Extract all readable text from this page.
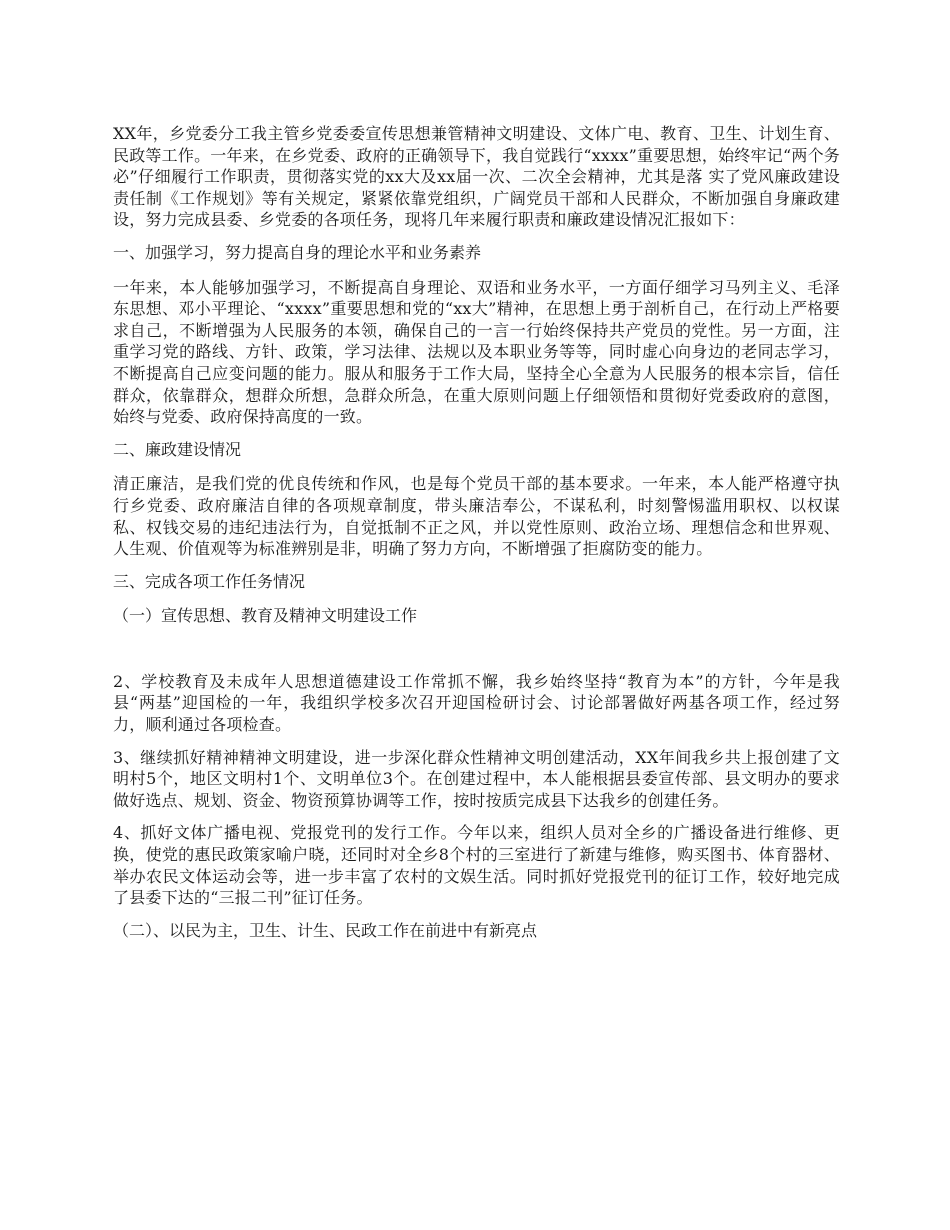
XX年，乡党委分工我主管乡党委委宣传思想兼管精神文明建设、文体广电、教育、卫生、计划生育、民政等工作。一年来，在乡党委、政府的正确领导下，我自觉践行“xxxx”重要思想，始终牢记“两个务必”仔细履行工作职责，贯彻落实党的xx大及xx届一次、二次全会精神，尤其是落 实了党风廉政建设责任制《工作规划》等有关规定，紧紧依靠党组织，广阔党员干部和人民群众，不断加强自身廉政建设，努力完成县委、乡党委的各项任务，现将几年来履行职责和廉政建设情况汇报如下：

一、加强学习，努力提高自身的理论水平和业务素养

一年来，本人能够加强学习，不断提高自身理论、双语和业务水平，一方面仔细学习马列主义、毛泽东思想、邓小平理论、“xxxx”重要思想和党的“xx大”精神，在思想上勇于剖析自己，在行动上严格要求自己，不断增强为人民服务的本领，确保自己的一言一行始终保持共产党员的党性。另一方面，注重学习党的路线、方针、政策，学习法律、法规以及本职业务等等，同时虚心向身边的老同志学习，不断提高自己应变问题的能力。服从和服务于工作大局，坚持全心全意为人民服务的根本宗旨，信任群众，依靠群众，想群众所想，急群众所急，在重大原则问题上仔细领悟和贯彻好党委政府的意图，始终与党委、政府保持高度的一致。

二、廉政建设情况

清正廉洁，是我们党的优良传统和作风，也是每个党员干部的基本要求。一年来，本人能严格遵守执行乡党委、政府廉洁自律的各项规章制度，带头廉洁奉公，不谋私利，时刻警惕滥用职权、以权谋私、权钱交易的违纪违法行为，自觉抵制不正之风，并以党性原则、政治立场、理想信念和世界观、人生观、价值观等为标准辨别是非，明确了努力方向，不断增强了拒腐防变的能力。

三、完成各项工作任务情况

（一）宣传思想、教育及精神文明建设工作

2、学校教育及未成年人思想道德建设工作常抓不懈，我乡始终坚持“教育为本”的方针，今年是我县“两基”迎国检的一年，我组织学校多次召开迎国检研讨会、讨论部署做好两基各项工作，经过努力，顺利通过各项检查。

3、继续抓好精神精神文明建设，进一步深化群众性精神文明创建活动，XX年间我乡共上报创建了文明村5个，地区文明村1个、文明单位3个。在创建过程中，本人能根据县委宣传部、县文明办的要求做好选点、规划、资金、物资预算协调等工作，按时按质完成县下达我乡的创建任务。

4、抓好文体广播电视、党报党刊的发行工作。今年以来，组织人员对全乡的广播设备进行维修、更换，使党的惠民政策家喻户晓，还同时对全乡8个村的三室进行了新建与维修，购买图书、体育器材、举办农民文体运动会等，进一步丰富了农村的文娱生活。同时抓好党报党刊的征订工作，较好地完成了县委下达的“三报二刊”征订任务。

（二）、以民为主，卫生、计生、民政工作在前进中有新亮点
